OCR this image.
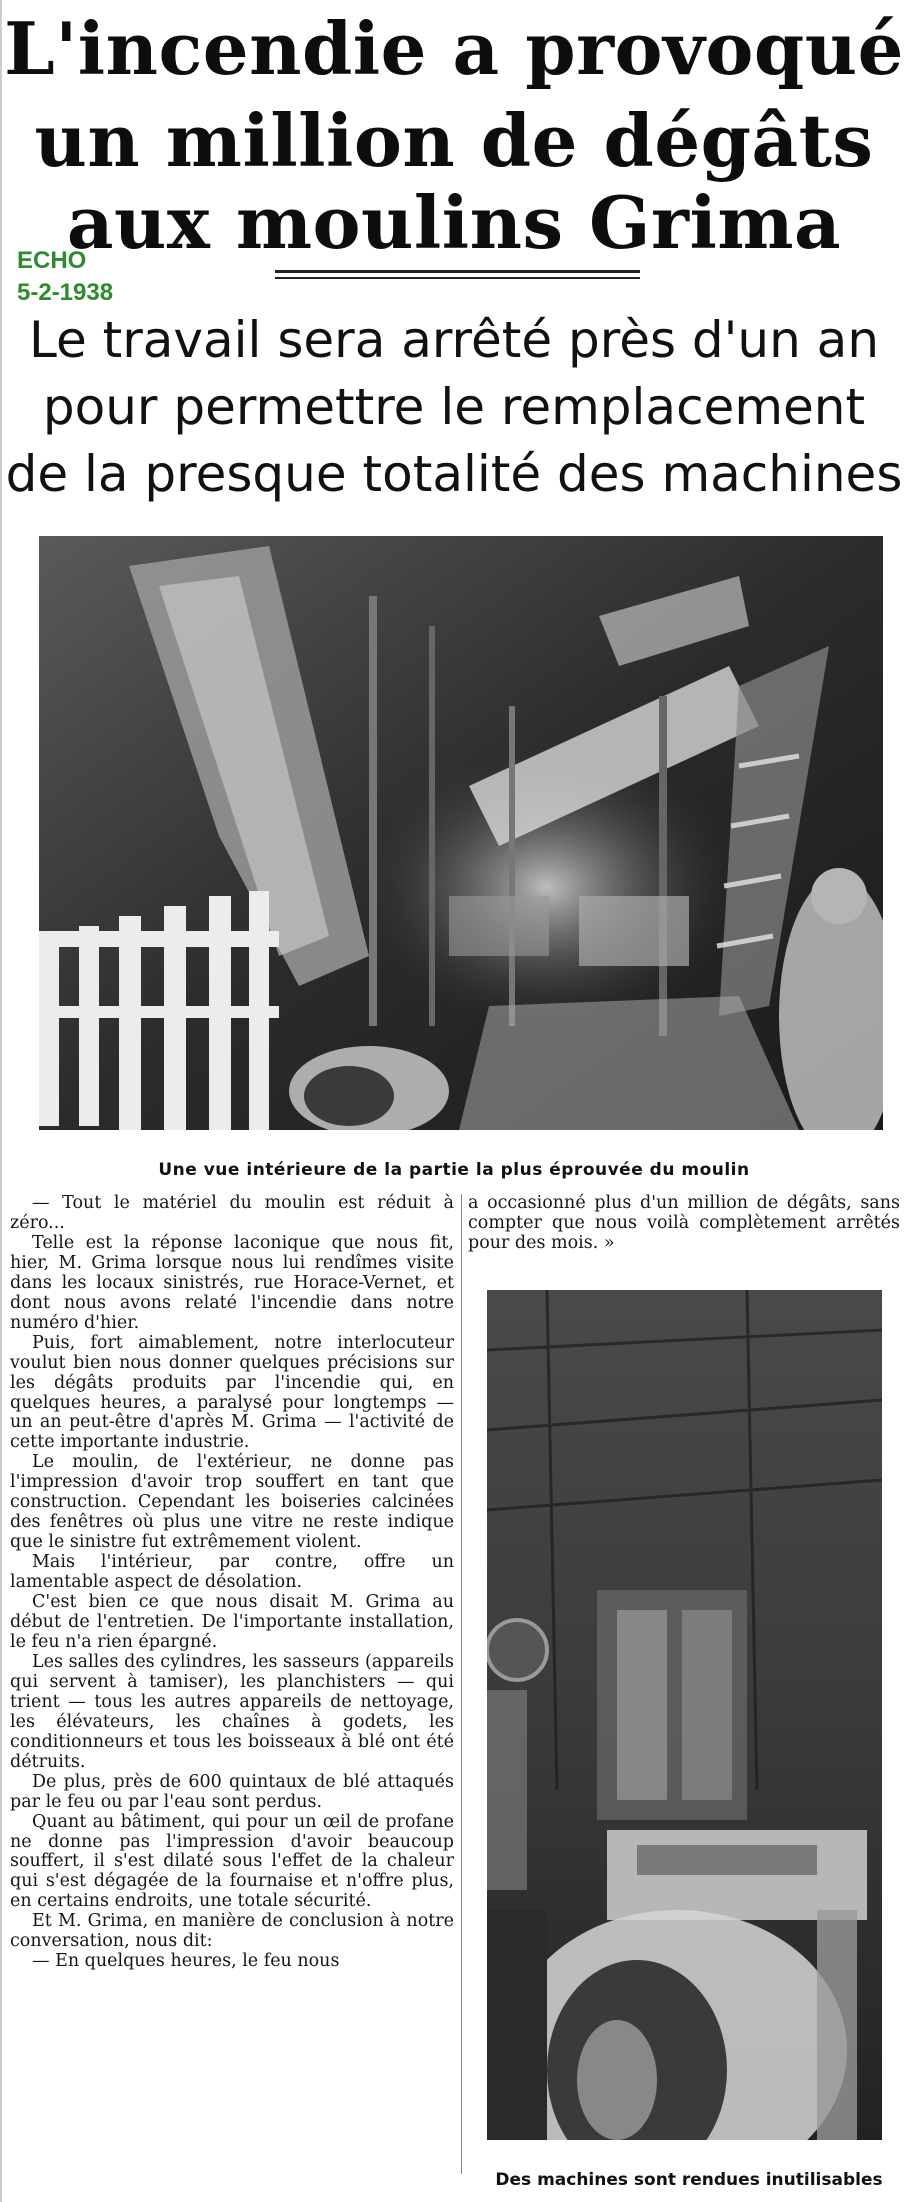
L'incendie a provoqué
un million de dégâts
aux moulins Grima
ECHO
5-2-1938
Le travail sera arrêté près d'un an
pour permettre le remplacement
de la presque totalité des machines
Une vue intérieure de la partie la plus éprouvée du moulin

— Tout le matériel du moulin est réduit à zéro...

Telle est la réponse laconique que nous fit, hier, M. Grima lorsque nous lui rendîmes visite dans les locaux sinistrés, rue Horace-Vernet, et dont nous avons relaté l'incendie dans notre numéro d'hier.

Puis, fort aimablement, notre interlocuteur voulut bien nous donner quelques précisions sur les dégâts produits par l'incendie qui, en quelques heures, a paralysé pour longtemps — un an peut-être d'après M. Grima — l'activité de cette importante industrie.

Le moulin, de l'extérieur, ne donne pas l'impression d'avoir trop souffert en tant que construction. Cependant les boiseries calcinées des fenêtres où plus une vitre ne reste indique que le sinistre fut extrêmement violent.

Mais l'intérieur, par contre, offre un lamentable aspect de désolation.

C'est bien ce que nous disait M. Grima au début de l'entretien. De l'importante installation, le feu n'a rien épargné.

Les salles des cylindres, les sasseurs (appareils qui servent à tamiser), les planchisters — qui trient — tous les autres appareils de nettoyage, les élévateurs, les chaînes à godets, les conditionneurs et tous les boisseaux à blé ont été détruits.

De plus, près de 600 quintaux de blé attaqués par le feu ou par l'eau sont perdus.

Quant au bâtiment, qui pour un œil de profane ne donne pas l'impression d'avoir beaucoup souffert, il s'est dilaté sous l'effet de la chaleur qui s'est dégagée de la fournaise et n'offre plus, en certains endroits, une totale sécurité.

Et M. Grima, en manière de conclusion à notre conversation, nous dit:

— En quelques heures, le feu nous

a occasionné plus d'un million de dégâts, sans compter que nous voilà complètement arrêtés pour des mois. »

Des machines sont rendues inutilisables
